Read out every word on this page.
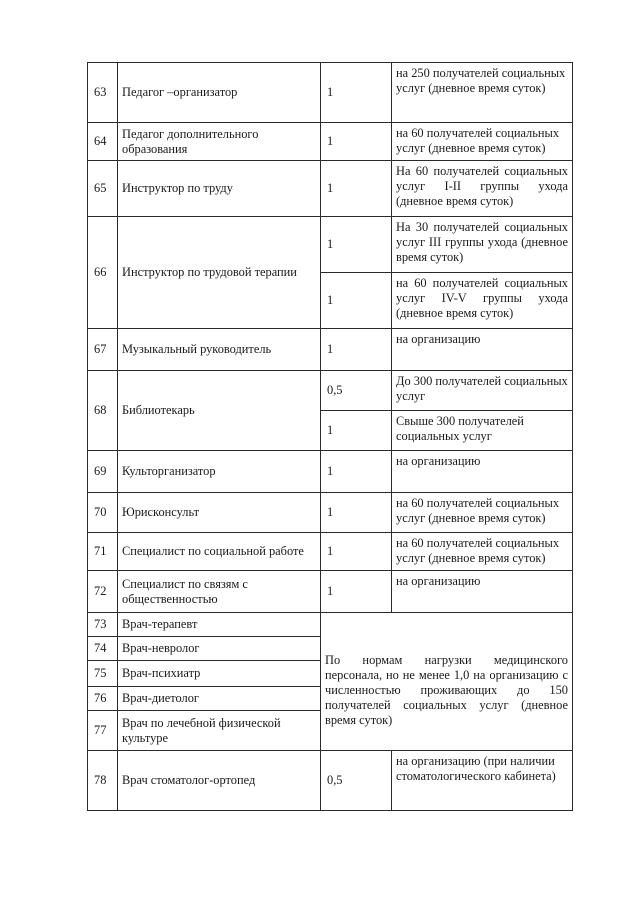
63	Педагог –организатор	1	на 250 получателей социальных услуг (дневное время суток)
64	Педагог дополнительного образования	1	на 60 получателей социальных услуг (дневное время суток)
65	Инструктор по труду	1	На 60 получателей социальных услуг I-II группы ухода (дневное время суток)
66	Инструктор по трудовой терапии	1	На 30 получателей социальных услуг III группы ухода (дневное время суток)
		1	на 60 получателей социальных услуг IV-V группы ухода (дневное время суток)
67	Музыкальный руководитель	1	на организацию
68	Библиотекарь	0,5	До 300 получателей социальных услуг
		1	Свыше 300 получателей социальных услуг
69	Культорганизатор	1	на организацию
70	Юрисконсульт	1	на 60 получателей социальных услуг (дневное время суток)
71	Специалист по социальной работе	1	на 60 получателей социальных услуг (дневное время суток)
72	Специалист по связям с общественностью	1	на организацию
73	Врач-терапевт	По нормам нагрузки медицинского персонала, но не менее 1,0 на организацию с численностью проживающих до 150 получателей социальных услуг (дневное время суток)	
74	Врач-невролог		
75	Врач-психиатр		
76	Врач-диетолог		
77	Врач по лечебной физической культуре		
78	Врач стоматолог-ортопед	0,5	на организацию (при наличии стоматологического кабинета)
